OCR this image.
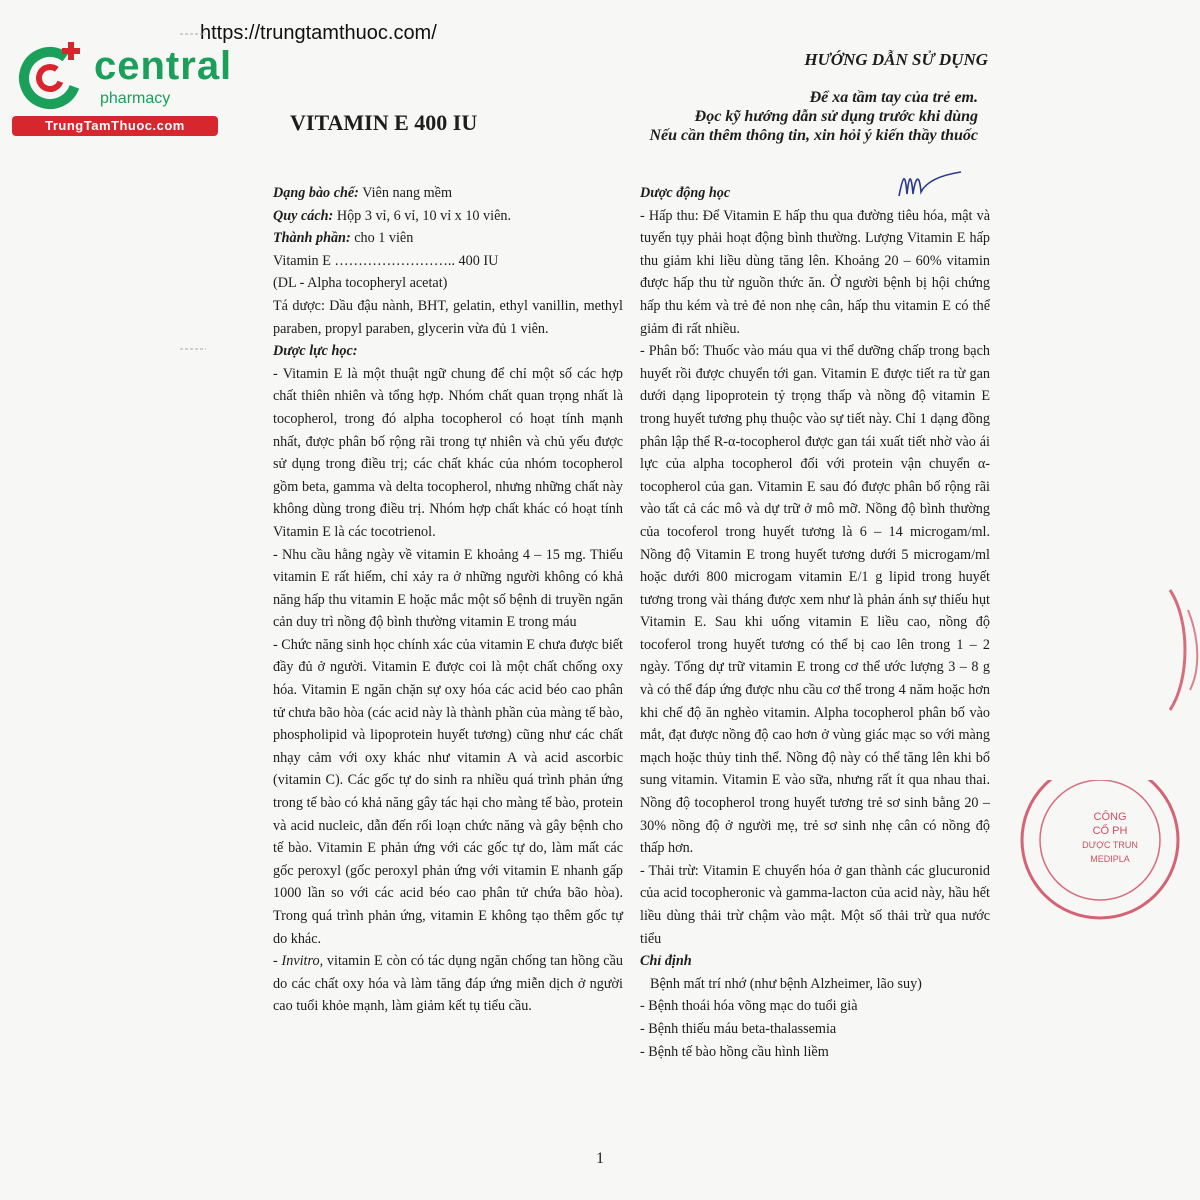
central
pharmacy
TrungTamThuoc.com
https://trungtamthuoc.com/
HƯỚNG DẪN SỬ DỤNG
Để xa tầm tay của trẻ em.
Đọc kỹ hướng dẫn sử dụng trước khi dùng
Nếu cần thêm thông tin, xin hỏi ý kiến thầy thuốc
VITAMIN E 400 IU

Dạng bào chế: Viên nang mềm

Quy cách: Hộp 3 vỉ, 6 vỉ, 10 vỉ x 10 viên.

Thành phần: cho 1 viên

Vitamin E …………………….. 400 IU

(DL - Alpha tocopheryl acetat)

Tá dược: Dầu đậu nành, BHT, gelatin, ethyl vanillin, methyl paraben, propyl paraben, glycerin vừa đủ 1 viên.

Dược lực học:

- Vitamin E là một thuật ngữ chung để chỉ một số các hợp chất thiên nhiên và tổng hợp. Nhóm chất quan trọng nhất là tocopherol, trong đó alpha tocopherol có hoạt tính mạnh nhất, được phân bố rộng rãi trong tự nhiên và chủ yếu được sử dụng trong điều trị; các chất khác của nhóm tocopherol gồm beta, gamma và delta tocopherol, nhưng những chất này không dùng trong điều trị. Nhóm hợp chất khác có hoạt tính Vitamin E là các tocotrienol.

- Nhu cầu hằng ngày về vitamin E khoảng 4 – 15 mg. Thiếu vitamin E rất hiếm, chỉ xảy ra ở những người không có khả năng hấp thu vitamin E hoặc mắc một số bệnh di truyền ngăn cản duy trì nồng độ bình thường vitamin E trong máu

- Chức năng sinh học chính xác của vitamin E chưa được biết đầy đủ ở người. Vitamin E được coi là một chất chống oxy hóa. Vitamin E ngăn chặn sự oxy hóa các acid béo cao phân tử chưa bão hòa (các acid này là thành phần của màng tế bào, phospholipid và lipoprotein huyết tương) cũng như các chất nhạy cảm với oxy khác như vitamin A và acid ascorbic (vitamin C). Các gốc tự do sinh ra nhiều quá trình phản ứng trong tế bào có khả năng gây tác hại cho màng tế bào, protein và acid nucleic, dẫn đến rối loạn chức năng và gây bệnh cho tế bào. Vitamin E phản ứng với các gốc tự do, làm mất các gốc peroxyl (gốc peroxyl phản ứng với vitamin E nhanh gấp 1000 lần so với các acid béo cao phân tử chứa bão hòa). Trong quá trình phản ứng, vitamin E không tạo thêm gốc tự do khác.

- Invitro, vitamin E còn có tác dụng ngăn chống tan hồng cầu do các chất oxy hóa và làm tăng đáp ứng miễn dịch ở người cao tuổi khỏe mạnh, làm giảm kết tụ tiểu cầu.

Dược động học

- Hấp thu: Để Vitamin E hấp thu qua đường tiêu hóa, mật và tuyến tụy phải hoạt động bình thường. Lượng Vitamin E hấp thu giảm khi liều dùng tăng lên. Khoảng 20 – 60% vitamin được hấp thu từ nguồn thức ăn. Ở người bệnh bị hội chứng hấp thu kém và trẻ đẻ non nhẹ cân, hấp thu vitamin E có thể giảm đi rất nhiều.

- Phân bố: Thuốc vào máu qua vi thể dưỡng chấp trong bạch huyết rồi được chuyển tới gan. Vitamin E được tiết ra từ gan dưới dạng lipoprotein tỷ trọng thấp và nồng độ vitamin E trong huyết tương phụ thuộc vào sự tiết này. Chỉ 1 dạng đồng phân lập thể R-α-tocopherol được gan tái xuất tiết nhờ vào ái lực của alpha tocopherol đối với protein vận chuyển α-tocopherol của gan. Vitamin E sau đó được phân bố rộng rãi vào tất cả các mô và dự trữ ở mô mỡ. Nồng độ bình thường của tocoferol trong huyết tương là 6 – 14 microgam/ml. Nồng độ Vitamin E trong huyết tương dưới 5 microgam/ml hoặc dưới 800 microgam vitamin E/1 g lipid trong huyết tương trong vài tháng được xem như là phản ánh sự thiếu hụt Vitamin E. Sau khi uống vitamin E liều cao, nồng độ tocoferol trong huyết tương có thể bị cao lên trong 1 – 2 ngày. Tổng dự trữ vitamin E trong cơ thể ước lượng 3 – 8 g và có thể đáp ứng được nhu cầu cơ thể trong 4 năm hoặc hơn khi chế độ ăn nghèo vitamin. Alpha tocopherol phân bố vào mắt, đạt được nồng độ cao hơn ở vùng giác mạc so với màng mạch hoặc thủy tinh thể. Nồng độ này có thể tăng lên khi bổ sung vitamin. Vitamin E vào sữa, nhưng rất ít qua nhau thai. Nồng độ tocopherol trong huyết tương trẻ sơ sinh bằng 20 – 30% nồng độ ở người mẹ, trẻ sơ sinh nhẹ cân có nồng độ thấp hơn.

- Thải trừ: Vitamin E chuyển hóa ở gan thành các glucuronid của acid tocopheronic và gamma-lacton của acid này, hầu hết liều dùng thải trừ chậm vào mật. Một số thải trừ qua nước tiểu

Chỉ định

Bệnh mất trí nhớ (như bệnh Alzheimer, lão suy)

- Bệnh thoái hóa võng mạc do tuổi già

- Bệnh thiếu máu beta-thalassemia

- Bệnh tế bào hồng cầu hình liềm

CÔNG
CỔ PH
DƯỢC TRUN
MEDIPLA
1
